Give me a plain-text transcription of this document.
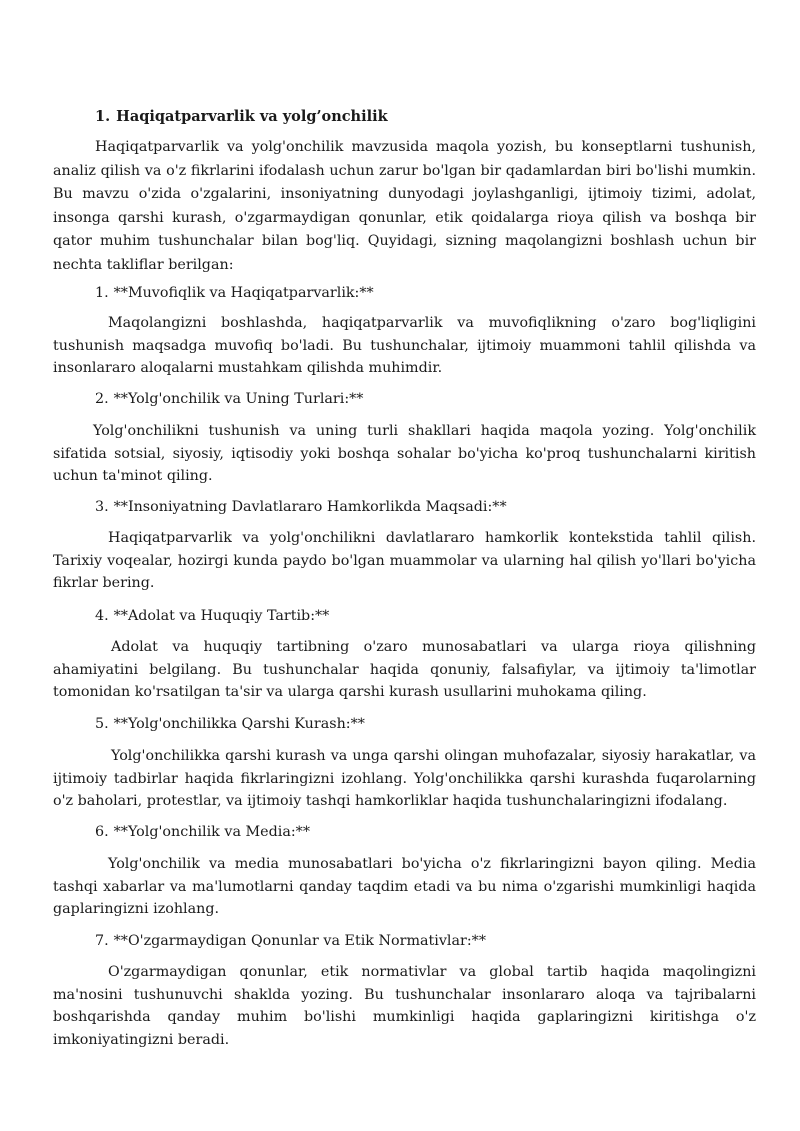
1. Haqiqatparvarlik va yolg’onchilik

Haqiqatparvarlik va yolg'onchilik mavzusida maqola yozish, bu konseptlarni tushunish, analiz qilish va o'z fikrlarini ifodalash uchun zarur bo'lgan bir qadamlardan biri bo'lishi mumkin. Bu mavzu o'zida o'zgalarini, insoniyatning dunyodagi joylashganligi, ijtimoiy tizimi, adolat, insonga qarshi kurash, o'zgarmaydigan qonunlar, etik qoidalarga rioya qilish va boshqa bir qator muhim tushunchalar bilan bog'liq. Quyidagi, sizning maqolangizni boshlash uchun bir nechta takliflar berilgan:

1. **Muvofiqlik va Haqiqatparvarlik:**

Maqolangizni boshlashda, haqiqatparvarlik va muvofiqlikning o'zaro bog'liqligini tushunish maqsadga muvofiq bo'ladi. Bu tushunchalar, ijtimoiy muammoni tahlil qilishda va insonlararo aloqalarni mustahkam qilishda muhimdir.

2. **Yolg'onchilik va Uning Turlari:**

Yolg'onchilikni tushunish va uning turli shakllari haqida maqola yozing. Yolg'onchilik sifatida sotsial, siyosiy, iqtisodiy yoki boshqa sohalar bo'yicha ko'proq tushunchalarni kiritish uchun ta'minot qiling.

3. **Insoniyatning Davlatlararo Hamkorlikda Maqsadi:**

Haqiqatparvarlik va yolg'onchilikni davlatlararo hamkorlik kontekstida tahlil qilish. Tarixiy voqealar, hozirgi kunda paydo bo'lgan muammolar va ularning hal qilish yo'llari bo'yicha fikrlar bering.

4. **Adolat va Huquqiy Tartib:**

Adolat va huquqiy tartibning o'zaro munosabatlari va ularga rioya qilishning ahamiyatini belgilang. Bu tushunchalar haqida qonuniy, falsafiylar, va ijtimoiy ta'limotlar tomonidan ko'rsatilgan ta'sir va ularga qarshi kurash usullarini muhokama qiling.

5. **Yolg'onchilikka Qarshi Kurash:**

Yolg'onchilikka qarshi kurash va unga qarshi olingan muhofazalar, siyosiy harakatlar, va ijtimoiy tadbirlar haqida fikrlaringizni izohlang. Yolg'onchilikka qarshi kurashda fuqarolarning o'z baholari, protestlar, va ijtimoiy tashqi hamkorliklar haqida tushunchalaringizni ifodalang.

6. **Yolg'onchilik va Media:**

Yolg'onchilik va media munosabatlari bo'yicha o'z fikrlaringizni bayon qiling. Media tashqi xabarlar va ma'lumotlarni qanday taqdim etadi va bu nima o'zgarishi mumkinligi haqida gaplaringizni izohlang.

7. **O'zgarmaydigan Qonunlar va Etik Normativlar:**

O'zgarmaydigan qonunlar, etik normativlar va global tartib haqida maqolingizni ma'nosini tushunuvchi shaklda yozing. Bu tushunchalar insonlararo aloqa va tajribalarni boshqarishda qanday muhim bo'lishi mumkinligi haqida gaplaringizni kiritishga o'z imkoniyatingizni beradi.
